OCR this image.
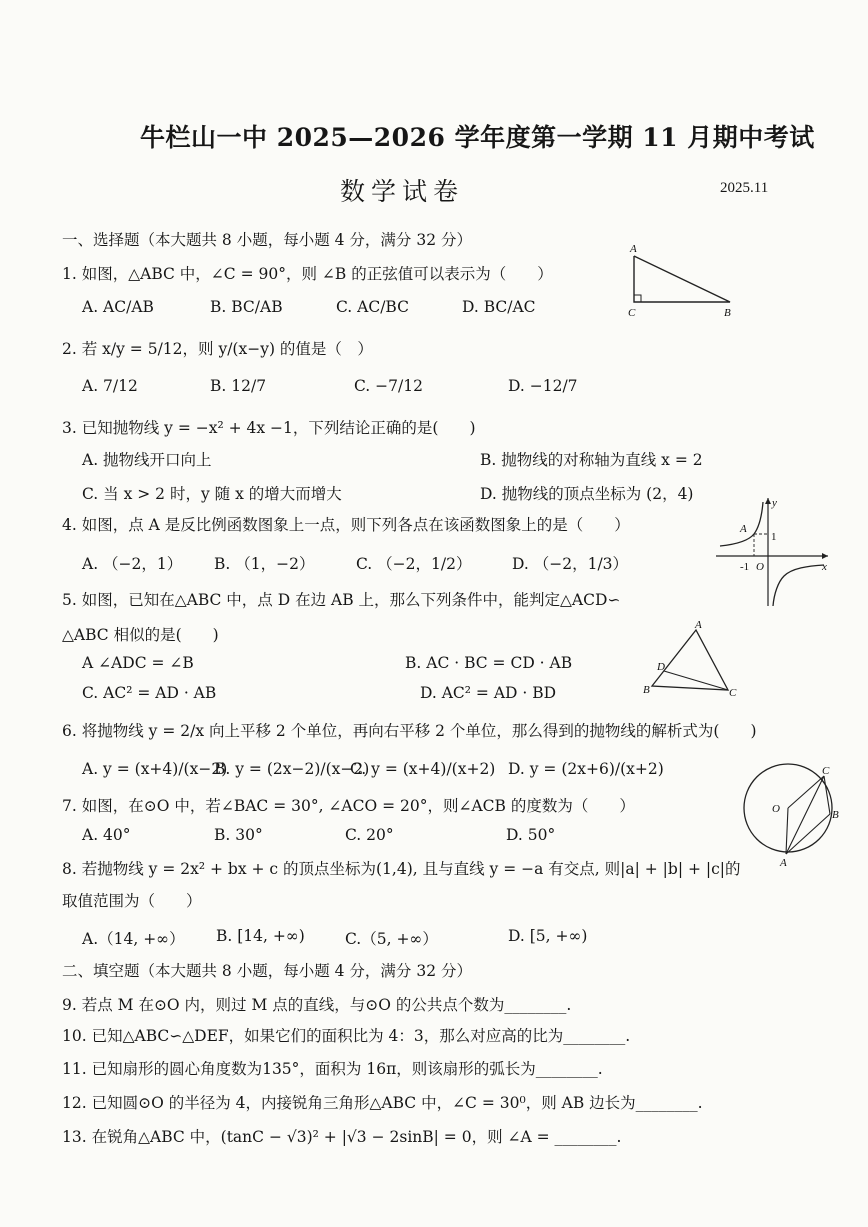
牛栏山一中 2025—2026 学年度第一学期 11 月期中考试
数学试卷	2025.11
一、选择题（本大题共 8 小题，每小题 4 分，满分 32 分）
1. 如图，△ABC 中，∠C = 90°，则 ∠B 的正弦值可以表示为（　　）
A. AC/AB	B. BC/AB	C. AC/BC	D. BC/AC
A
C	B
2. 若 x/y = 5/12，则 y/(x−y) 的值是（　）
A. 7/12	B. 12/7	C. −7/12	D. −12/7
3. 已知抛物线 y = −x² + 4x −1，下列结论正确的是(　　)
A. 抛物线开口向上	B. 抛物线的对称轴为直线 x = 2
C. 当 x > 2 时，y 随 x 的增大而增大	D. 抛物线的顶点坐标为 (2，4)
4. 如图，点 A 是反比例函数图象上一点，则下列各点在该函数图象上的是（　　）
A. （−2，1） B. （1，−2）	C. （−2，1/2）	D. （−2，1/3）
A
y
x
1
-1 O
5. 如图，已知在△ABC 中，点 D 在边 AB 上，那么下列条件中，能判定△ACD∽
△ABC 相似的是(　　)
A ∠ADC = ∠B	B. AC · BC = CD · AB
C. AC² = AD · AB	D. AC² = AD · BD
A
B	C
D
6. 将抛物线 y = 2/x 向上平移 2 个单位，再向右平移 2 个单位，那么得到的抛物线的解析式为(　　)
A. y = (x+4)/(x−2)
B. y = (2x−2)/(x−2)
C. y = (x+4)/(x+2) D. y = (2x+6)/(x+2)
O
C
B
A
7. 如图，在⊙O 中，若∠BAC = 30°, ∠ACO = 20°，则∠ACB 的度数为（　　）
A. 40°	B. 30°	C. 20°	D. 50°
8. 若抛物线 y = 2x² + bx + c 的顶点坐标为(1,4), 且与直线 y = −a 有交点, 则|a| + |b| + |c|的
取值范围为（　　）
A.（14, +∞） B. [14, +∞)	C.（5, +∞）	D. [5, +∞)
二、填空题（本大题共 8 小题，每小题 4 分，满分 32 分）
9. 若点 M 在⊙O 内，则过 M 点的直线，与⊙O 的公共点个数为________.
10. 已知△ABC∽△DEF，如果它们的面积比为 4：3，那么对应高的比为________.
11. 已知扇形的圆心角度数为135°，面积为 16π，则该扇形的弧长为________.
12. 已知圆⊙O 的半径为 4，内接锐角三角形△ABC 中，∠C = 30⁰，则 AB 边长为________.
13. 在锐角△ABC 中，(tanC − √3)² + |√3 − 2sinB| = 0，则 ∠A = ________.
